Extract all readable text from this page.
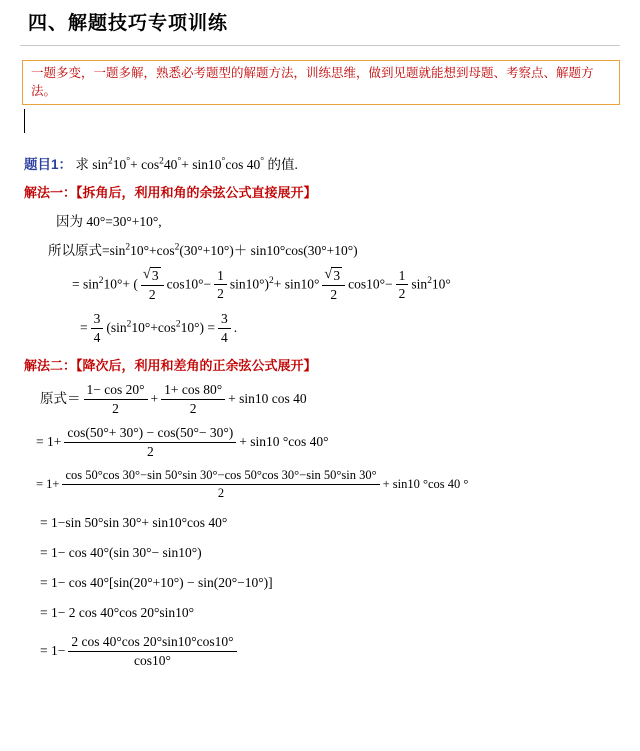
四、解题技巧专项训练
一题多变，一题多解，熟悉必考题型的解题方法，训练思维，做到见题就能想到母题、考察点、解题方法。
题目1： 求 $\sin^210^\circ+ \cos^240^\circ+ \sin 10^\circ\cos$ 40° 的值.
解法一：【拆角后，利用和角的余弦公式直接展开】
因为 40°=30°+10°,
所以原式$=\sin^210^\circ+\cos^2(30^\circ+10^\circ)+ \sin 10^\circ\cos(30^\circ+10^\circ)$
= $\sin^210^\circ+$ ( √ $\frac{3}{2} \cos 10^\circ- \frac{1}{2} \sin 10^\circ)^2+ \sin 10^\circ$ √ $\frac{3}{2} \cos 10^\circ- \frac{1}{2} \sin^210^\circ$
= $\frac{3}{4} (\sin^210^\circ+\cos^210^\circ) = \frac{3}{4}$ .
解法二：【降次后，利用和差角的正余弦公式展开】
原式＝ $\frac{1- \cos 20^\circ}{2} + \frac{1+ \cos 80^\circ}{2} + \sin 10$ cos 40
= $1+ \frac{\cos(50^\circ+ 30^\circ) - \cos(50^\circ- 30^\circ)}{2} + \sin 10$ °cos 40°
= $1+ \frac{\cos 50^\circ\cos 30^\circ-\sin 50^\circ\sin 30^\circ-\cos 50^\circ\cos 30^\circ-\sin 50^\circ\sin 30^\circ}{2} + \sin 10$ °cos 40 °
= 1−sin 50°sin 30°+ sin10°cos 40°
= 1− cos 40°(sin 30°− sin10°)
= 1− cos 40°[sin(20°+10°) − sin(20°−10°)]
= 1− 2 cos 40°cos 20°sin10°
= $1- \frac{2 \cos 40^\circ\cos 20^\circ\sin 10^\circ\cos 10^\circ}{\cos 10^\circ}$
